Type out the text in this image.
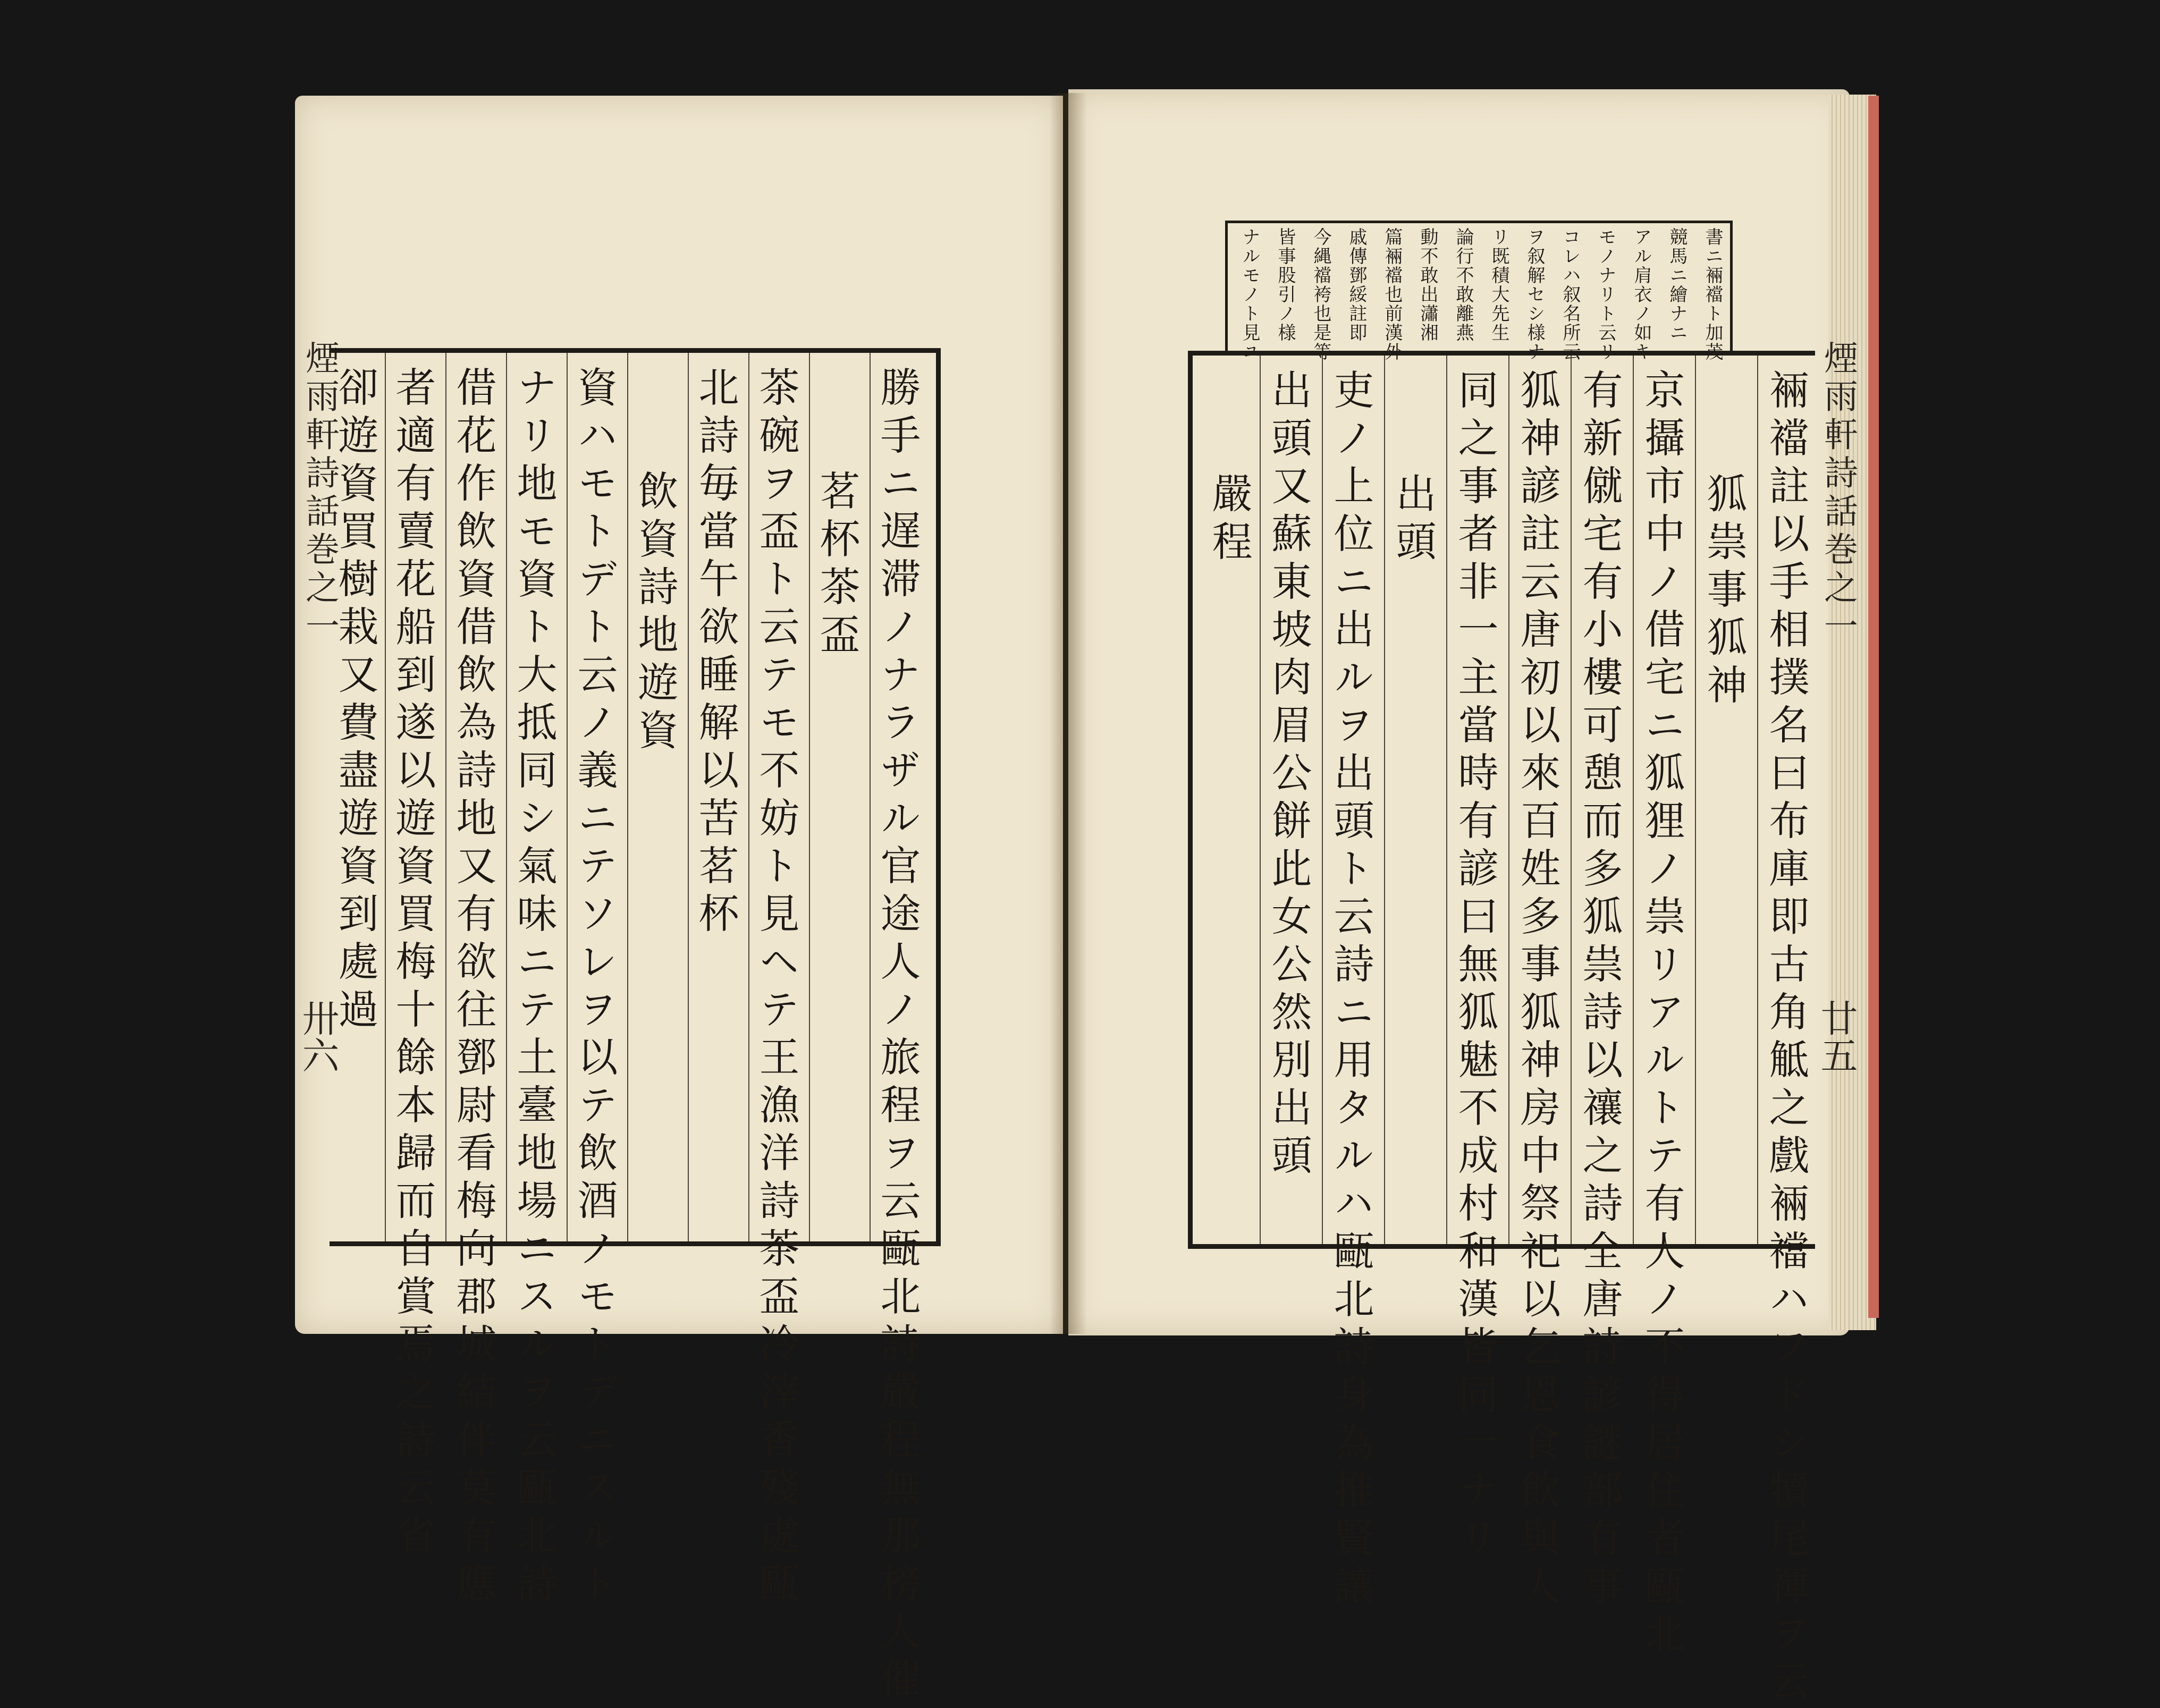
煙雨軒詩話巻之一
卅六	勝手ニ遅滞ノナラザル官途人ノ旅程ヲ云甌北詩嚴程無那榜人催
茗杯茶盃
茶碗ヲ盃ト云テモ不妨ト見ヘテ王漁洋詩茶盃冷滓香殘處甌
北詩毎當午欲睡解以苦茗杯
飲資詩地遊資
資ハモトデト云ノ義ニテソレヲ以テ飲酒ノモトデニスルト
ナリ地モ資ト大抵同シ氣味ニテ土臺地場ニスルヲ云甌北詩
借花作飲資借飲為詩地又有欲往鄧尉看梅向郡城結伴莫有應
者適有賣花船到遂以遊資買梅十餘本歸而自賞焉之詩云省
卻遊資買樹栽又費盡遊資到處過
書ニ裲襠ト加茂
競馬ニ繪ナニ
アル肩衣ノ如キ
モノナリト云リ
コレハ叙名所云
ヲ叙解セシ様ナ
リ既積大先生
論行不敢離燕
動不敢出瀟湘
篇裲襠也前漢外
戚傳鄧綏註即
今縄襠袴也是等
皆事股引ノ様
ナルモノト見ユ
裲襠註以手相撲名曰布庫即古角觝之戲裲襠ハフドシ犢尾褌ヲ云
狐祟事狐神
京攝市中ノ借宅ニ狐狸ノ祟リアルトテ有人ノ不得居住者甌北
有新僦宅有小樓可憩而多狐祟詩以禳之詩全唐詩諺謎部有事
狐神諺註云唐初以來百姓多事狐神房中祭祀以乞恩食飲與人
同之事者非一主當時有諺曰無狐魅不成村和漢皆同一ナリ
出頭
吏ノ上位ニ出ルヲ出頭ト云詩ニ用タルハ甌北詩身為推賢讓
出頭又蘇東坡肉眉公餅此女公然別出頭
嚴程	煙雨軒詩話巻之一
廿五
